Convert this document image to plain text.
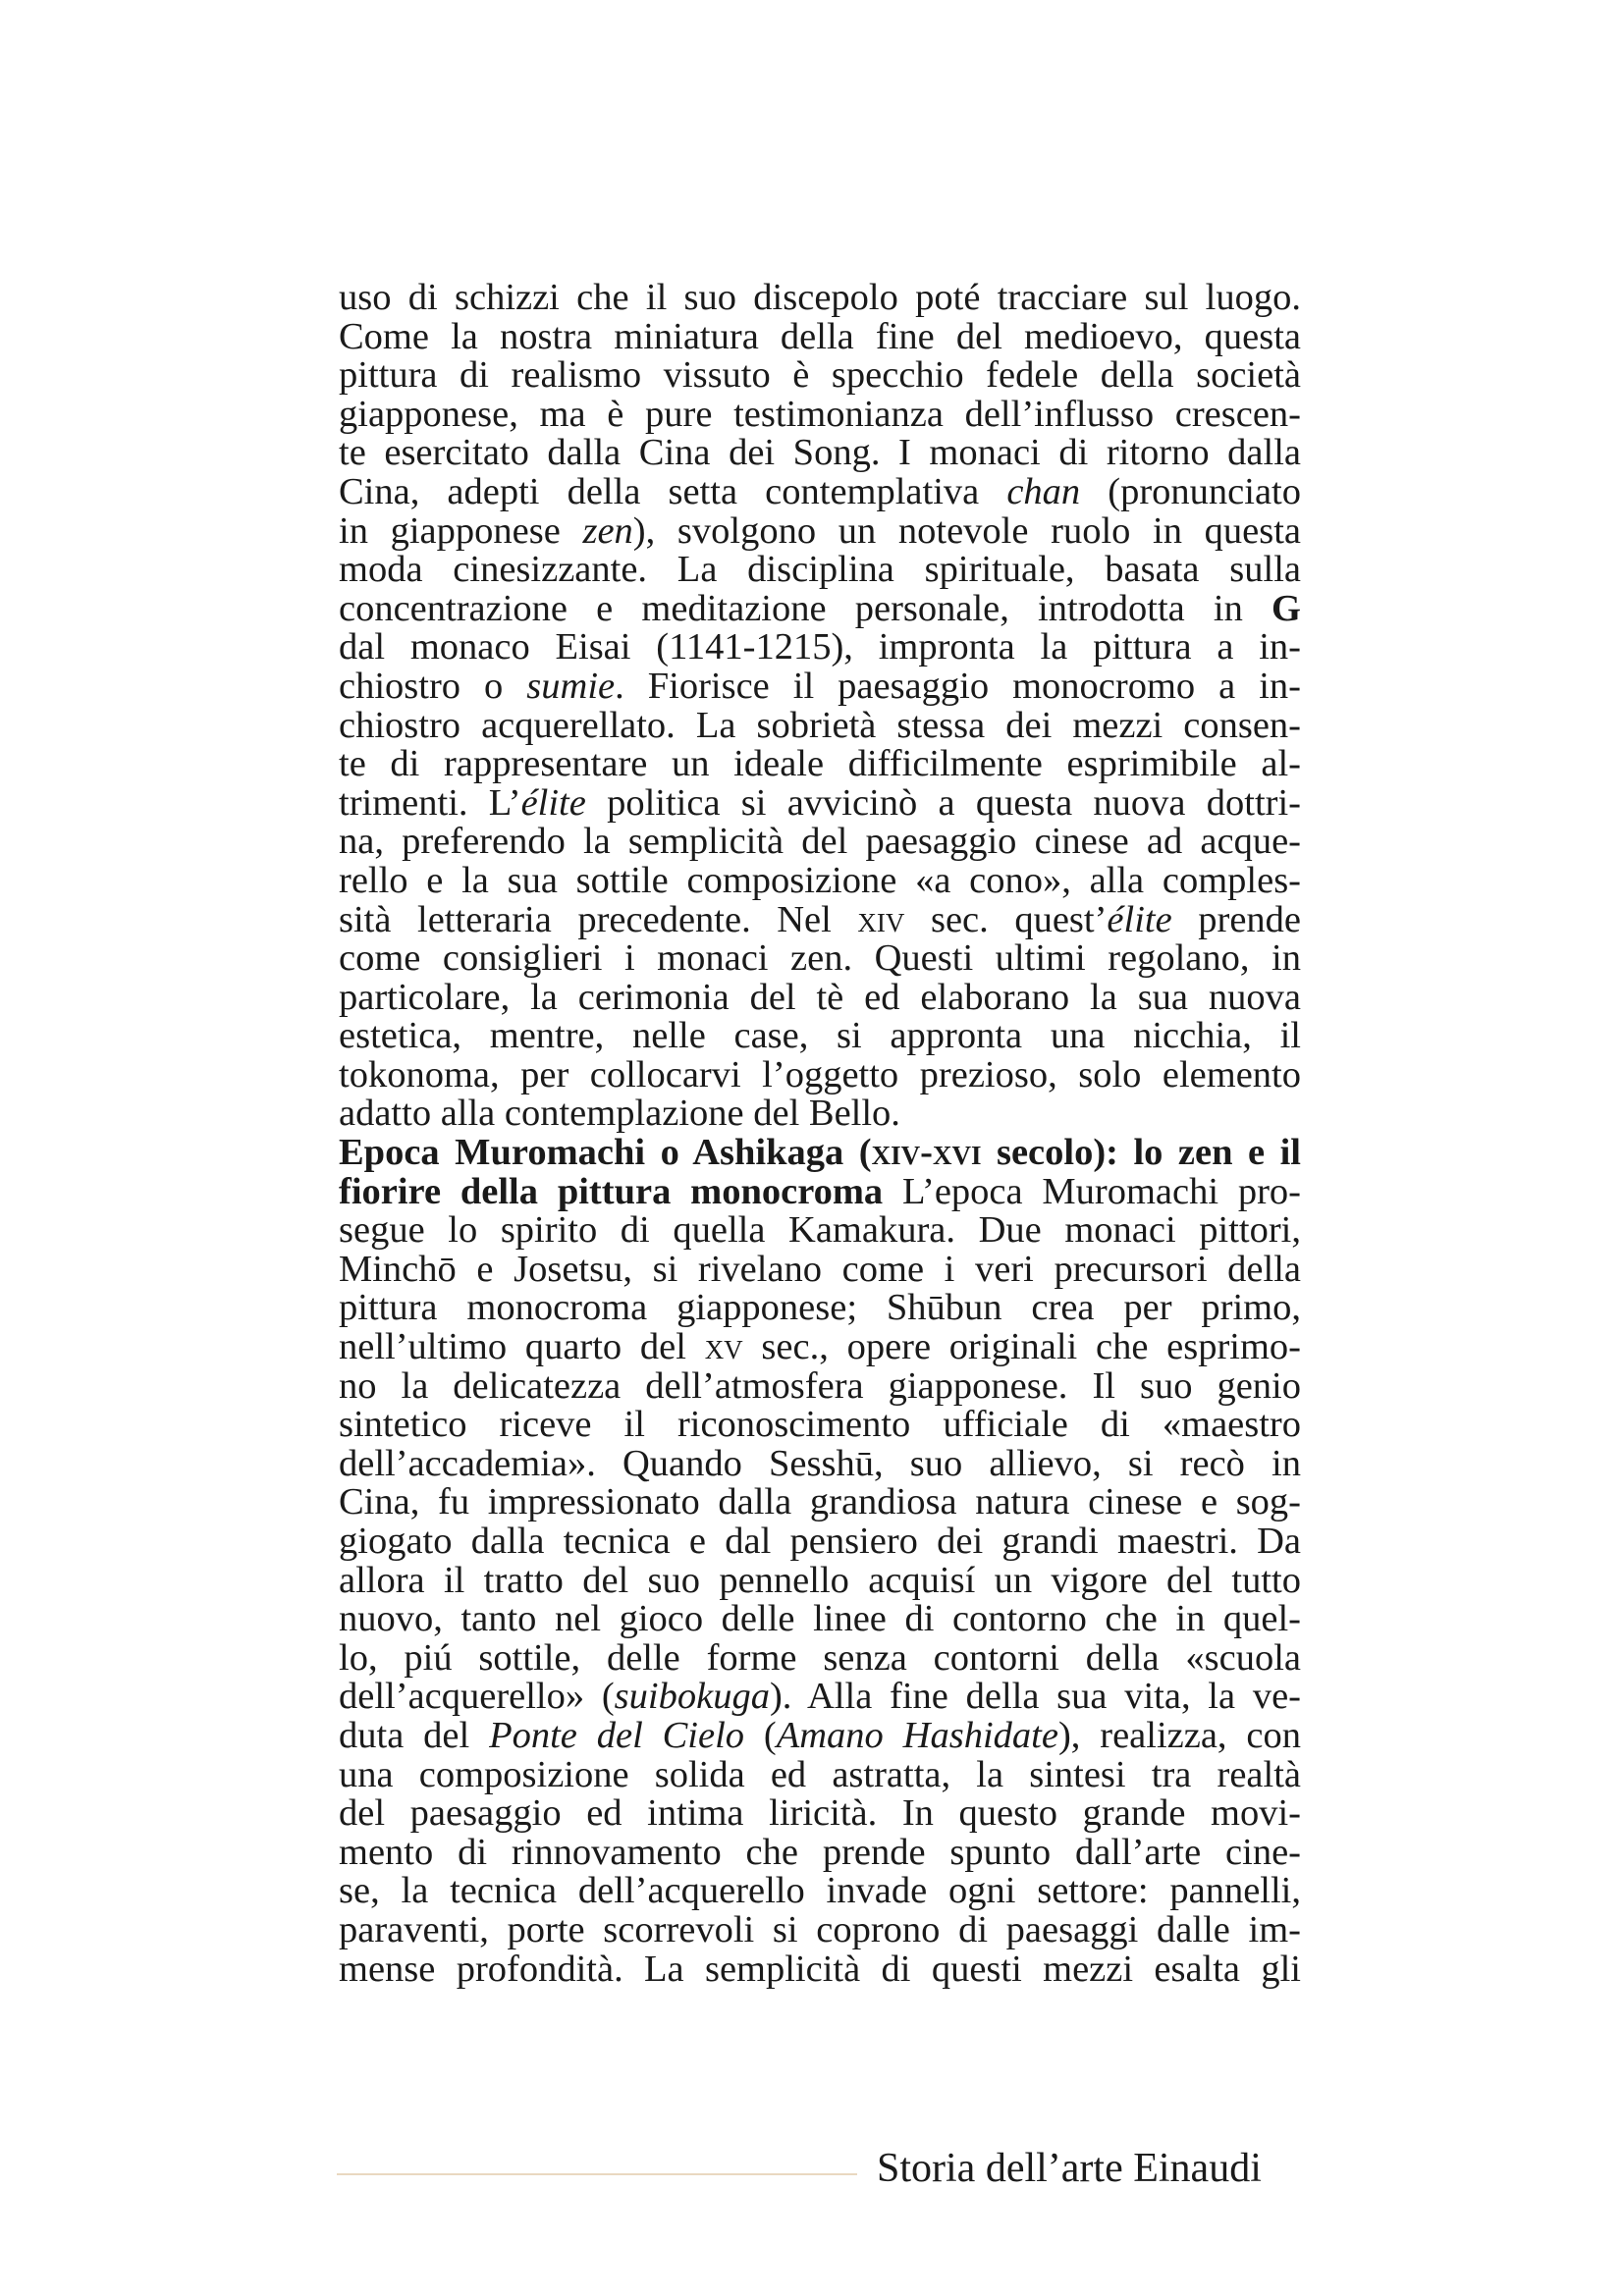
uso di schizzi che il suo discepolo poté tracciare sul luogo.
Come la nostra miniatura della fine del medioevo, questa
pittura di realismo vissuto è specchio fedele della società
giapponese, ma è pure testimonianza dell’influsso crescen-
te esercitato dalla Cina dei Song. I monaci di ritorno dalla
Cina, adepti della setta contemplativa chan (pronunciato
in giapponese zen), svolgono un notevole ruolo in questa
moda cinesizzante. La disciplina spirituale, basata sulla
concentrazione e meditazione personale, introdotta in G
dal monaco Eisai (1141-1215), impronta la pittura a in-
chiostro o sumie. Fiorisce il paesaggio monocromo a in-
chiostro acquerellato. La sobrietà stessa dei mezzi consen-
te di rappresentare un ideale difficilmente esprimibile al-
trimenti. L’élite politica si avvicinò a questa nuova dottri-
na, preferendo la semplicità del paesaggio cinese ad acque-
rello e la sua sottile composizione «a cono», alla comples-
sità letteraria precedente. Nel xiv sec. quest’élite prende
come consiglieri i monaci zen. Questi ultimi regolano, in
particolare, la cerimonia del tè ed elaborano la sua nuova
estetica, mentre, nelle case, si appronta una nicchia, il
tokonoma, per collocarvi l’oggetto prezioso, solo elemento
adatto alla contemplazione del Bello.
Epoca Muromachi o Ashikaga (xiv-xvi secolo): lo zen e il
fiorire della pittura monocroma L’epoca Muromachi pro-
segue lo spirito di quella Kamakura. Due monaci pittori,
Minchō e Josetsu, si rivelano come i veri precursori della
pittura monocroma giapponese; Shūbun crea per primo,
nell’ultimo quarto del xv sec., opere originali che esprimo-
no la delicatezza dell’atmosfera giapponese. Il suo genio
sintetico riceve il riconoscimento ufficiale di «maestro
dell’accademia». Quando Sesshū, suo allievo, si recò in
Cina, fu impressionato dalla grandiosa natura cinese e sog-
giogato dalla tecnica e dal pensiero dei grandi maestri. Da
allora il tratto del suo pennello acquisí un vigore del tutto
nuovo, tanto nel gioco delle linee di contorno che in quel-
lo, piú sottile, delle forme senza contorni della «scuola
dell’acquerello» (suibokuga). Alla fine della sua vita, la ve-
duta del Ponte del Cielo (Amano Hashidate), realizza, con
una composizione solida ed astratta, la sintesi tra realtà
del paesaggio ed intima liricità. In questo grande movi-
mento di rinnovamento che prende spunto dall’arte cine-
se, la tecnica dell’acquerello invade ogni settore: pannelli,
paraventi, porte scorrevoli si coprono di paesaggi dalle im-
mense profondità. La semplicità di questi mezzi esalta gli
Storia dell’arte Einaudi
